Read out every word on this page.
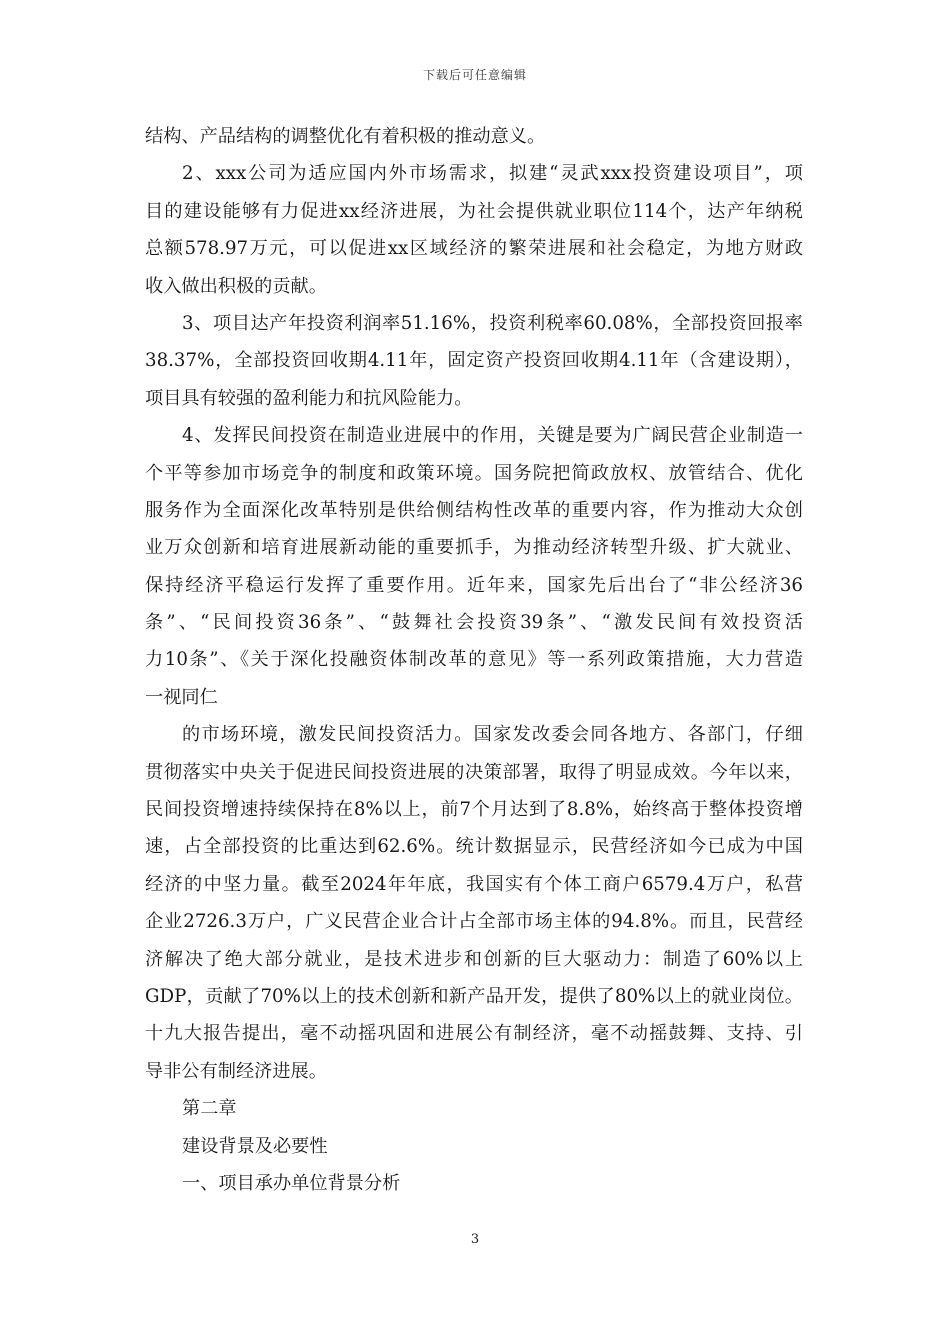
下载后可任意编辑
结构、产品结构的调整优化有着积极的推动意义。
2、xxx公司为适应国内外市场需求，拟建“灵武xxx投资建设项目”，项
目的建设能够有力促进xx经济进展，为社会提供就业职位114个，达产年纳税
总额578.97万元，可以促进xx区域经济的繁荣进展和社会稳定，为地方财政
收入做出积极的贡献。
3、项目达产年投资利润率51.16%，投资利税率60.08%，全部投资回报率
38.37%，全部投资回收期4.11年，固定资产投资回收期4.11年（含建设期），
项目具有较强的盈利能力和抗风险能力。
4、发挥民间投资在制造业进展中的作用，关键是要为广阔民营企业制造一
个平等参加市场竞争的制度和政策环境。国务院把简政放权、放管结合、优化
服务作为全面深化改革特别是供给侧结构性改革的重要内容，作为推动大众创
业万众创新和培育进展新动能的重要抓手，为推动经济转型升级、扩大就业、
保持经济平稳运行发挥了重要作用。近年来，国家先后出台了“非公经济36
条”、“民间投资36条”、“鼓舞社会投资39条”、“激发民间有效投资活
力10条”、《关于深化投融资体制改革的意见》等一系列政策措施，大力营造
一视同仁
的市场环境，激发民间投资活力。国家发改委会同各地方、各部门，仔细
贯彻落实中央关于促进民间投资进展的决策部署，取得了明显成效。今年以来，
民间投资增速持续保持在8%以上，前7个月达到了8.8%，始终高于整体投资增
速，占全部投资的比重达到62.6%。统计数据显示，民营经济如今已成为中国
经济的中坚力量。截至2024年年底，我国实有个体工商户6579.4万户，私营
企业2726.3万户，广义民营企业合计占全部市场主体的94.8%。而且，民营经
济解决了绝大部分就业，是技术进步和创新的巨大驱动力：制造了60%以上
GDP，贡献了70%以上的技术创新和新产品开发，提供了80%以上的就业岗位。
十九大报告提出，毫不动摇巩固和进展公有制经济，毫不动摇鼓舞、支持、引
导非公有制经济进展。
第二章
建设背景及必要性
一、项目承办单位背景分析
3
